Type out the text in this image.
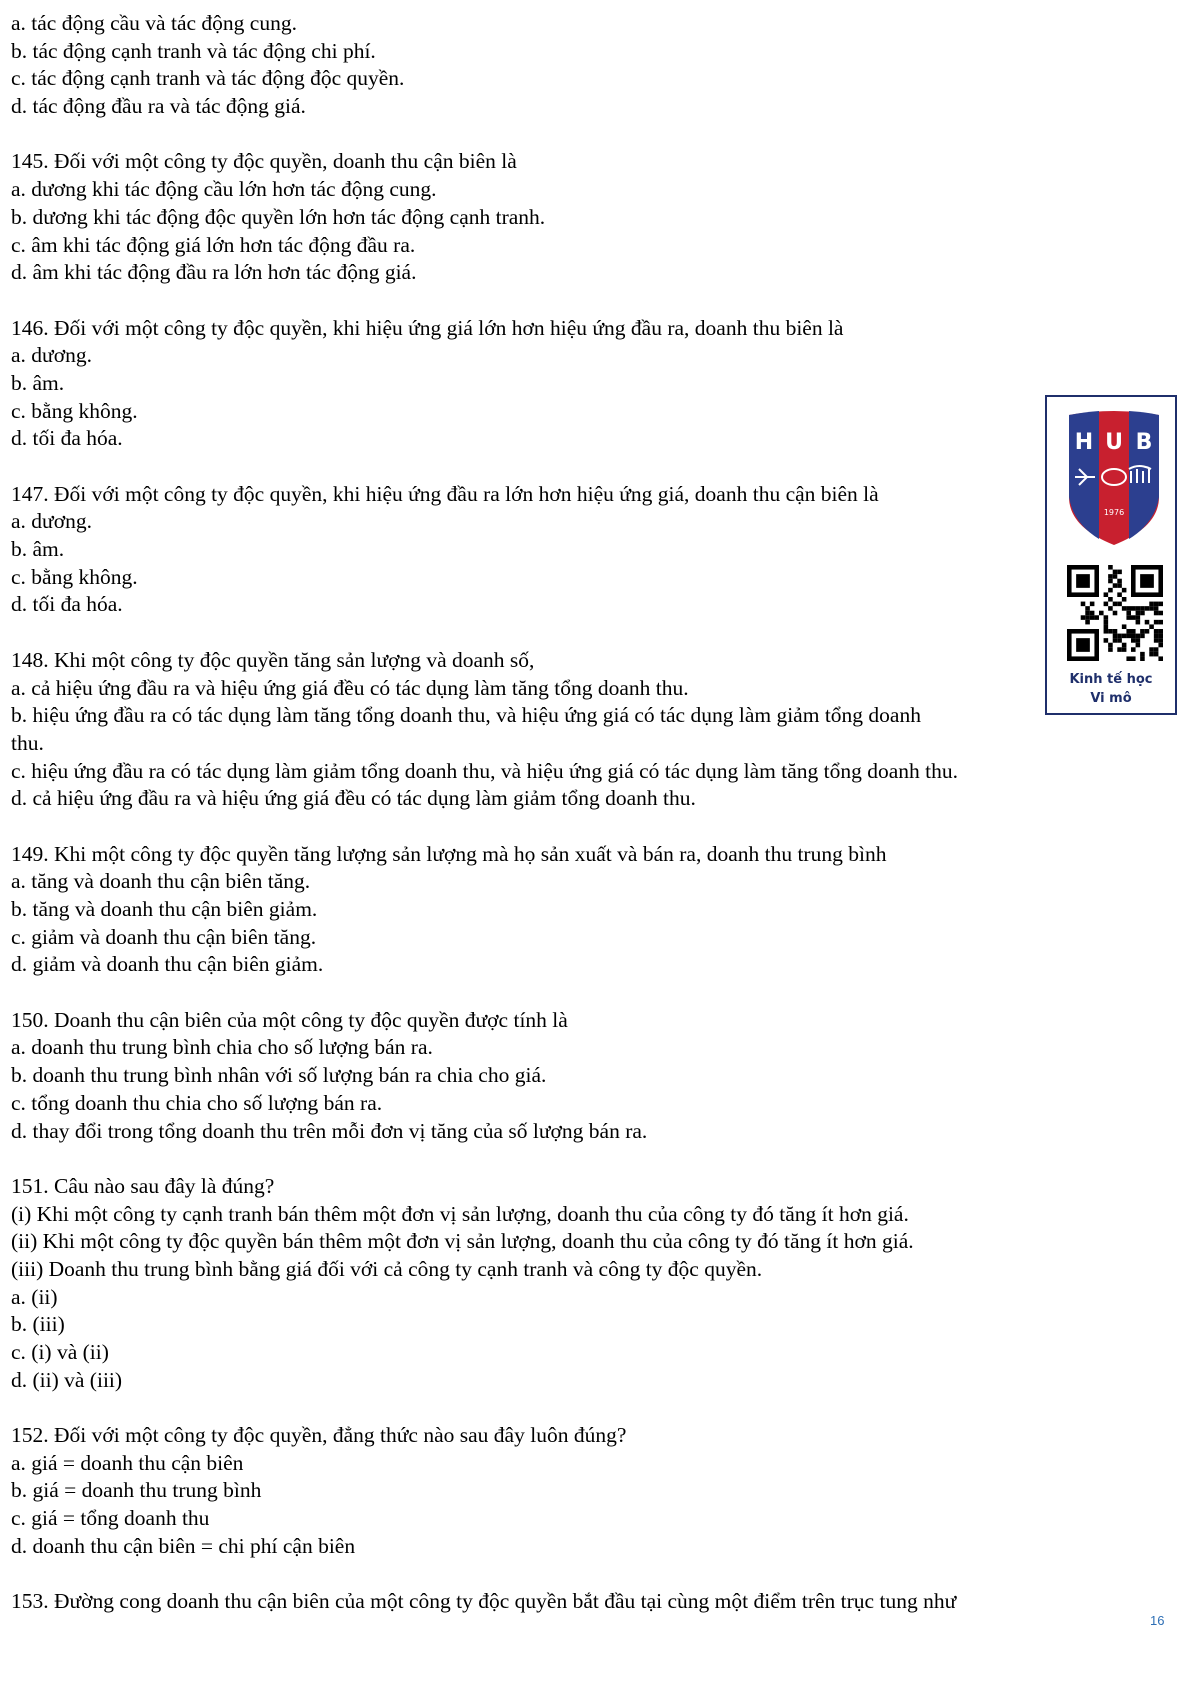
a. tác động cầu và tác động cung.
b. tác động cạnh tranh và tác động chi phí.
c. tác động cạnh tranh và tác động độc quyền.
d. tác động đầu ra và tác động giá.
145. Đối với một công ty độc quyền, doanh thu cận biên là
a. dương khi tác động cầu lớn hơn tác động cung.
b. dương khi tác động độc quyền lớn hơn tác động cạnh tranh.
c. âm khi tác động giá lớn hơn tác động đầu ra.
d. âm khi tác động đầu ra lớn hơn tác động giá.
146. Đối với một công ty độc quyền, khi hiệu ứng giá lớn hơn hiệu ứng đầu ra, doanh thu biên là
a. dương.
b. âm.
c. bằng không.
d. tối đa hóa.
147. Đối với một công ty độc quyền, khi hiệu ứng đầu ra lớn hơn hiệu ứng giá, doanh thu cận biên là
a. dương.
b. âm.
c. bằng không.
d. tối đa hóa.
148. Khi một công ty độc quyền tăng sản lượng và doanh số,
a. cả hiệu ứng đầu ra và hiệu ứng giá đều có tác dụng làm tăng tổng doanh thu.
b. hiệu ứng đầu ra có tác dụng làm tăng tổng doanh thu, và hiệu ứng giá có tác dụng làm giảm tổng doanh
thu.
c. hiệu ứng đầu ra có tác dụng làm giảm tổng doanh thu, và hiệu ứng giá có tác dụng làm tăng tổng doanh thu.
d. cả hiệu ứng đầu ra và hiệu ứng giá đều có tác dụng làm giảm tổng doanh thu.
149. Khi một công ty độc quyền tăng lượng sản lượng mà họ sản xuất và bán ra, doanh thu trung bình
a. tăng và doanh thu cận biên tăng.
b. tăng và doanh thu cận biên giảm.
c. giảm và doanh thu cận biên tăng.
d. giảm và doanh thu cận biên giảm.
150. Doanh thu cận biên của một công ty độc quyền được tính là
a. doanh thu trung bình chia cho số lượng bán ra.
b. doanh thu trung bình nhân với số lượng bán ra chia cho giá.
c. tổng doanh thu chia cho số lượng bán ra.
d. thay đổi trong tổng doanh thu trên mỗi đơn vị tăng của số lượng bán ra.
151. Câu nào sau đây là đúng?
(i) Khi một công ty cạnh tranh bán thêm một đơn vị sản lượng, doanh thu của công ty đó tăng ít hơn giá.
(ii) Khi một công ty độc quyền bán thêm một đơn vị sản lượng, doanh thu của công ty đó tăng ít hơn giá.
(iii) Doanh thu trung bình bằng giá đối với cả công ty cạnh tranh và công ty độc quyền.
a. (ii)
b. (iii)
c. (i) và (ii)
d. (ii) và (iii)
152. Đối với một công ty độc quyền, đẳng thức nào sau đây luôn đúng?
a. giá = doanh thu cận biên
b. giá = doanh thu trung bình
c. giá = tổng doanh thu
d. doanh thu cận biên = chi phí cận biên
153. Đường cong doanh thu cận biên của một công ty độc quyền bắt đầu tại cùng một điểm trên trục tung như
H U B
1976
Kinh tế học
Vi mô
16
